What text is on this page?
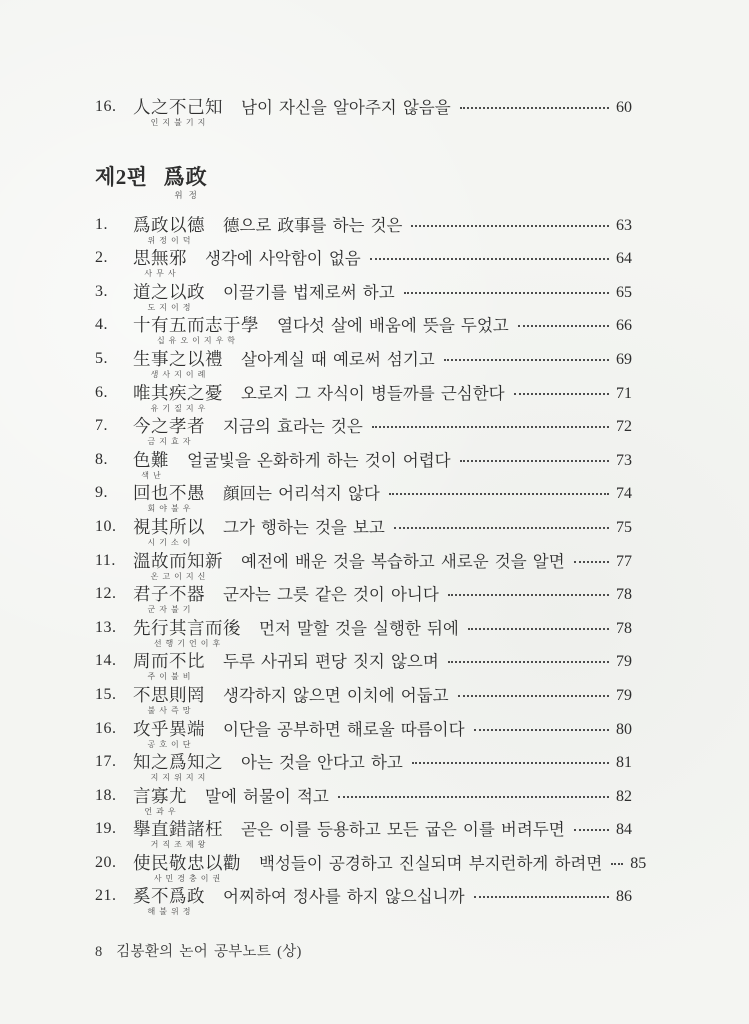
16. 人之不己知
인지불기지
남이 자신을 알아주지 않음을	60
제2편 爲政
위정
1.	爲政以德
위정이덕
德으로 政事를 하는 것은	63
2.	思無邪
사무사
생각에 사악함이 없음	64
3.	道之以政
도지이정
이끌기를 법제로써 하고	65
4.	十有五而志于學
십유오이지우학
열다섯 살에 배움에 뜻을 두었고	66
5.	生事之以禮
생사지이례
살아계실 때 예로써 섬기고	69
6.	唯其疾之憂
유기질지우
오로지 그 자식이 병들까를 근심한다	71
7.	今之孝者
금지효자
지금의 효라는 것은	72
8.	色難
색난
얼굴빛을 온화하게 하는 것이 어렵다	73
9.	回也不愚
회야불우
顔回는 어리석지 않다	74
10. 視其所以
시기소이
그가 행하는 것을 보고	75
11. 溫故而知新
온고이지신
예전에 배운 것을 복습하고 새로운 것을 알면	77
12. 君子不器
군자불기
군자는 그릇 같은 것이 아니다	78
13. 先行其言而後
선행기언이후
먼저 말할 것을 실행한 뒤에	78
14. 周而不比
주이불비
두루 사귀되 편당 짓지 않으며	79
15. 不思則罔
불사즉망
생각하지 않으면 이치에 어둡고	79
16. 攻乎異端
공호이단
이단을 공부하면 해로울 따름이다	80
17. 知之爲知之
지지위지지
아는 것을 안다고 하고	81
18. 言寡尤
언과우
말에 허물이 적고	82
19. 擧直錯諸枉
거직조제왕
곧은 이를 등용하고 모든 굽은 이를 버려두면	84
20. 使民敬忠以勸
사민경충이권
백성들이 공경하고 진실되며 부지런하게 하려면 85
21. 奚不爲政
해불위정
어찌하여 정사를 하지 않으십니까	86
8 김봉환의 논어 공부노트 (상)
